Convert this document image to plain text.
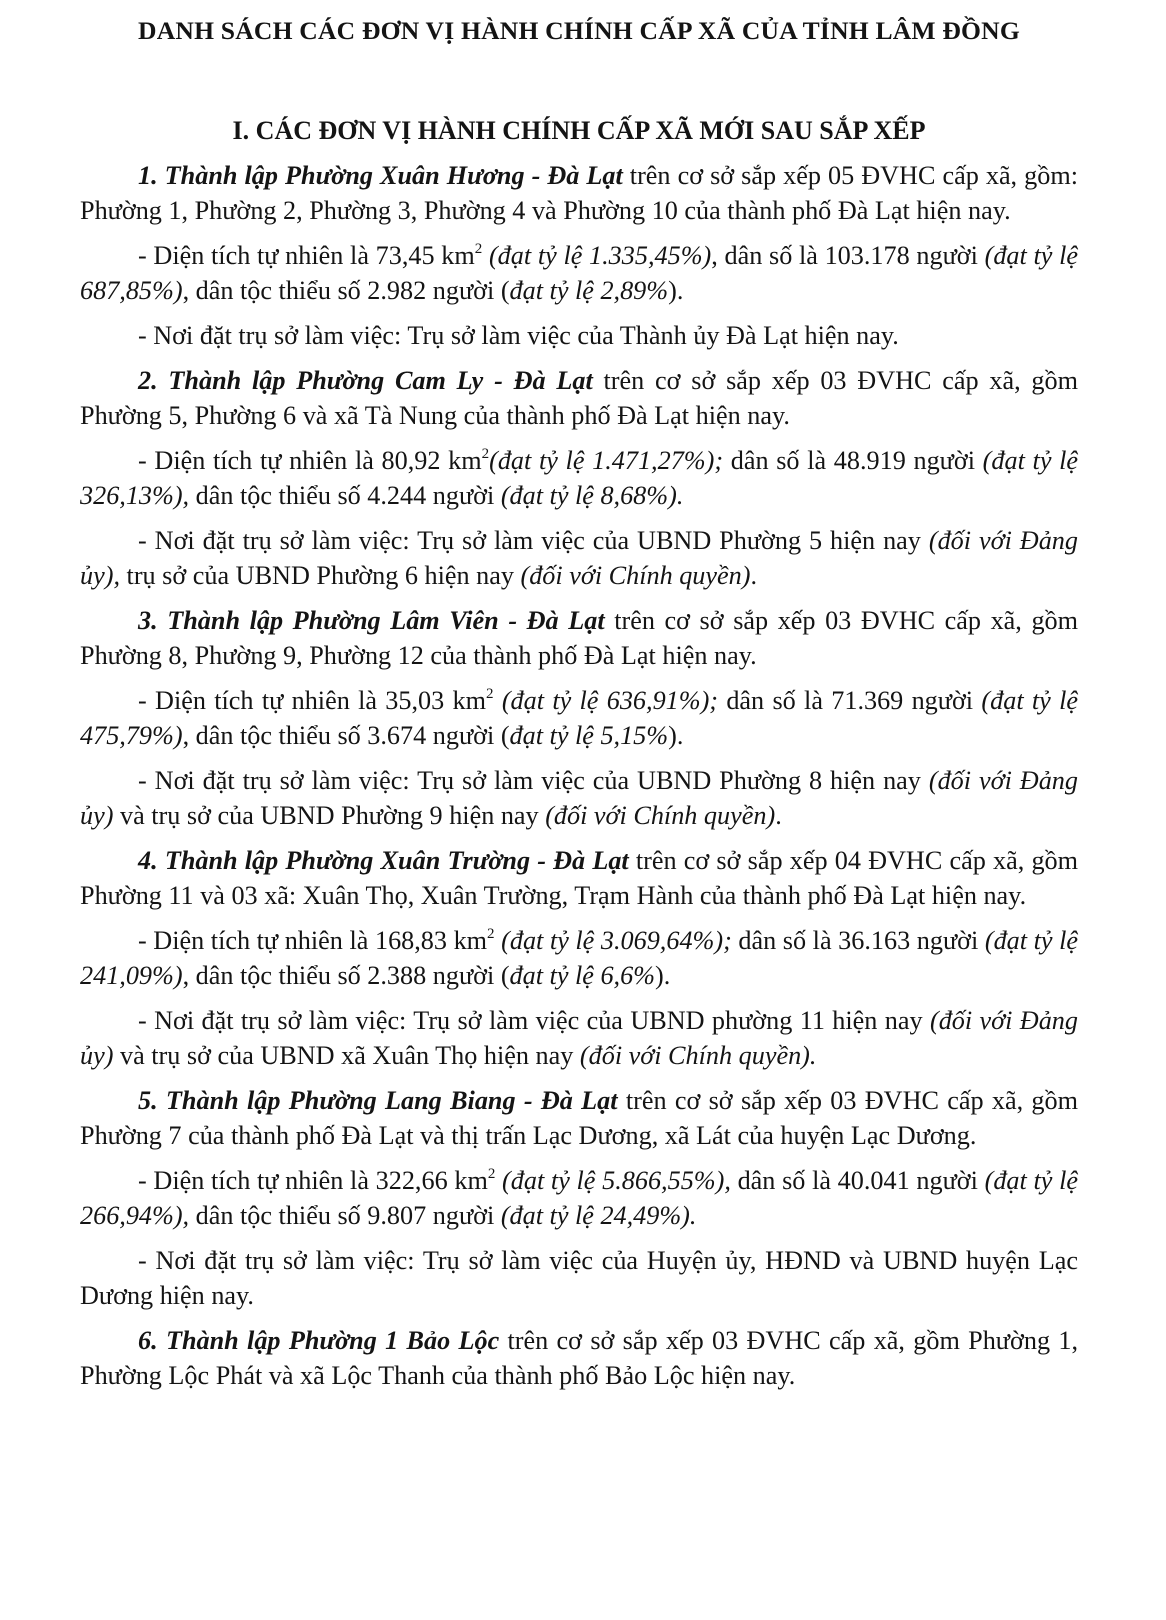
DANH SÁCH CÁC ĐƠN VỊ HÀNH CHÍNH CẤP XÃ CỦA TỈNH LÂM ĐỒNG
I. CÁC ĐƠN VỊ HÀNH CHÍNH CẤP XÃ MỚI SAU SẮP XẾP

1. Thành lập Phường Xuân Hương - Đà Lạt trên cơ sở sắp xếp 05 ĐVHC cấp xã, gồm: Phường 1, Phường 2, Phường 3, Phường 4 và Phường 10 của thành phố Đà Lạt hiện nay.

- Diện tích tự nhiên là 73,45 $km^2$ (đạt tỷ lệ 1.335,45%), dân số là 103.178 người (đạt tỷ lệ 687,85%), dân tộc thiểu số 2.982 người (đạt tỷ lệ 2,89%).

- Nơi đặt trụ sở làm việc: Trụ sở làm việc của Thành ủy Đà Lạt hiện nay.

2. Thành lập Phường Cam Ly - Đà Lạt trên cơ sở sắp xếp 03 ĐVHC cấp xã, gồm Phường 5, Phường 6 và xã Tà Nung của thành phố Đà Lạt hiện nay.

- Diện tích tự nhiên là 80,92 $km^2(đạt$ tỷ lệ 1.471,27%); dân số là 48.919 người (đạt tỷ lệ 326,13%), dân tộc thiểu số 4.244 người (đạt tỷ lệ 8,68%).

- Nơi đặt trụ sở làm việc: Trụ sở làm việc của UBND Phường 5 hiện nay (đối với Đảng ủy), trụ sở của UBND Phường 6 hiện nay (đối với Chính quyền).

3. Thành lập Phường Lâm Viên - Đà Lạt trên cơ sở sắp xếp 03 ĐVHC cấp xã, gồm Phường 8, Phường 9, Phường 12 của thành phố Đà Lạt hiện nay.

- Diện tích tự nhiên là 35,03 $km^2$ (đạt tỷ lệ 636,91%); dân số là 71.369 người (đạt tỷ lệ 475,79%), dân tộc thiểu số 3.674 người (đạt tỷ lệ 5,15%).

- Nơi đặt trụ sở làm việc: Trụ sở làm việc của UBND Phường 8 hiện nay (đối với Đảng ủy) và trụ sở của UBND Phường 9 hiện nay (đối với Chính quyền).

4. Thành lập Phường Xuân Trường - Đà Lạt trên cơ sở sắp xếp 04 ĐVHC cấp xã, gồm Phường 11 và 03 xã: Xuân Thọ, Xuân Trường, Trạm Hành của thành phố Đà Lạt hiện nay.

- Diện tích tự nhiên là 168,83 $km^2$ (đạt tỷ lệ 3.069,64%); dân số là 36.163 người (đạt tỷ lệ 241,09%), dân tộc thiểu số 2.388 người (đạt tỷ lệ 6,6%).

- Nơi đặt trụ sở làm việc: Trụ sở làm việc của UBND phường 11 hiện nay (đối với Đảng ủy) và trụ sở của UBND xã Xuân Thọ hiện nay (đối với Chính quyền).

5. Thành lập Phường Lang Biang - Đà Lạt trên cơ sở sắp xếp 03 ĐVHC cấp xã, gồm Phường 7 của thành phố Đà Lạt và thị trấn Lạc Dương, xã Lát của huyện Lạc Dương.

- Diện tích tự nhiên là 322,66 $km^2$ (đạt tỷ lệ 5.866,55%), dân số là 40.041 người (đạt tỷ lệ 266,94%), dân tộc thiểu số 9.807 người (đạt tỷ lệ 24,49%).

- Nơi đặt trụ sở làm việc: Trụ sở làm việc của Huyện ủy, HĐND và UBND huyện Lạc Dương hiện nay.

6. Thành lập Phường 1 Bảo Lộc trên cơ sở sắp xếp 03 ĐVHC cấp xã, gồm Phường 1, Phường Lộc Phát và xã Lộc Thanh của thành phố Bảo Lộc hiện nay.
